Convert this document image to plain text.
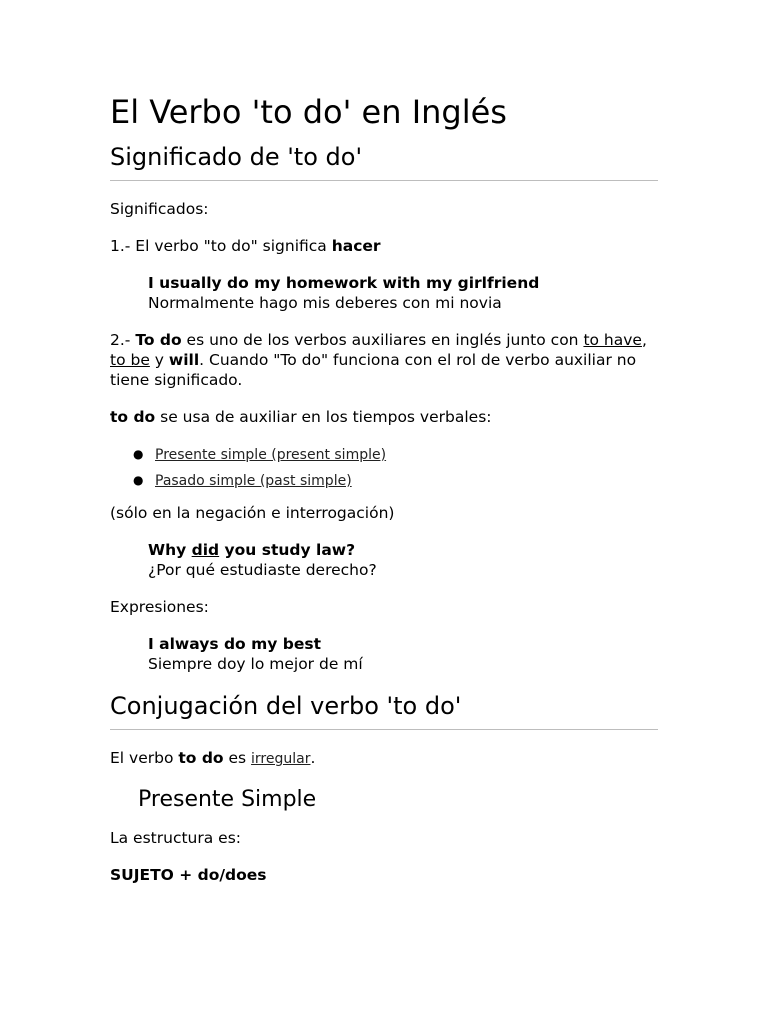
El Verbo 'to do' en Inglés
Significado de 'to do'

Significados:

1.- El verbo "to do" significa hacer

I usually do my homework with my girlfriend
Normalmente hago mis deberes con mi novia

2.- To do es uno de los verbos auxiliares en inglés junto con to have, to be y will. Cuando "To do" funciona con el rol de verbo auxiliar no tiene significado.

to do se usa de auxiliar en los tiempos verbales:

● Presente simple (present simple)
● Pasado simple (past simple)

(sólo en la negación e interrogación)

Why did you study law?
¿Por qué estudiaste derecho?

Expresiones:

I always do my best
Siempre doy lo mejor de mí
Conjugación del verbo 'to do'

El verbo to do es irregular.

Presente Simple

La estructura es:

SUJETO + do/does
